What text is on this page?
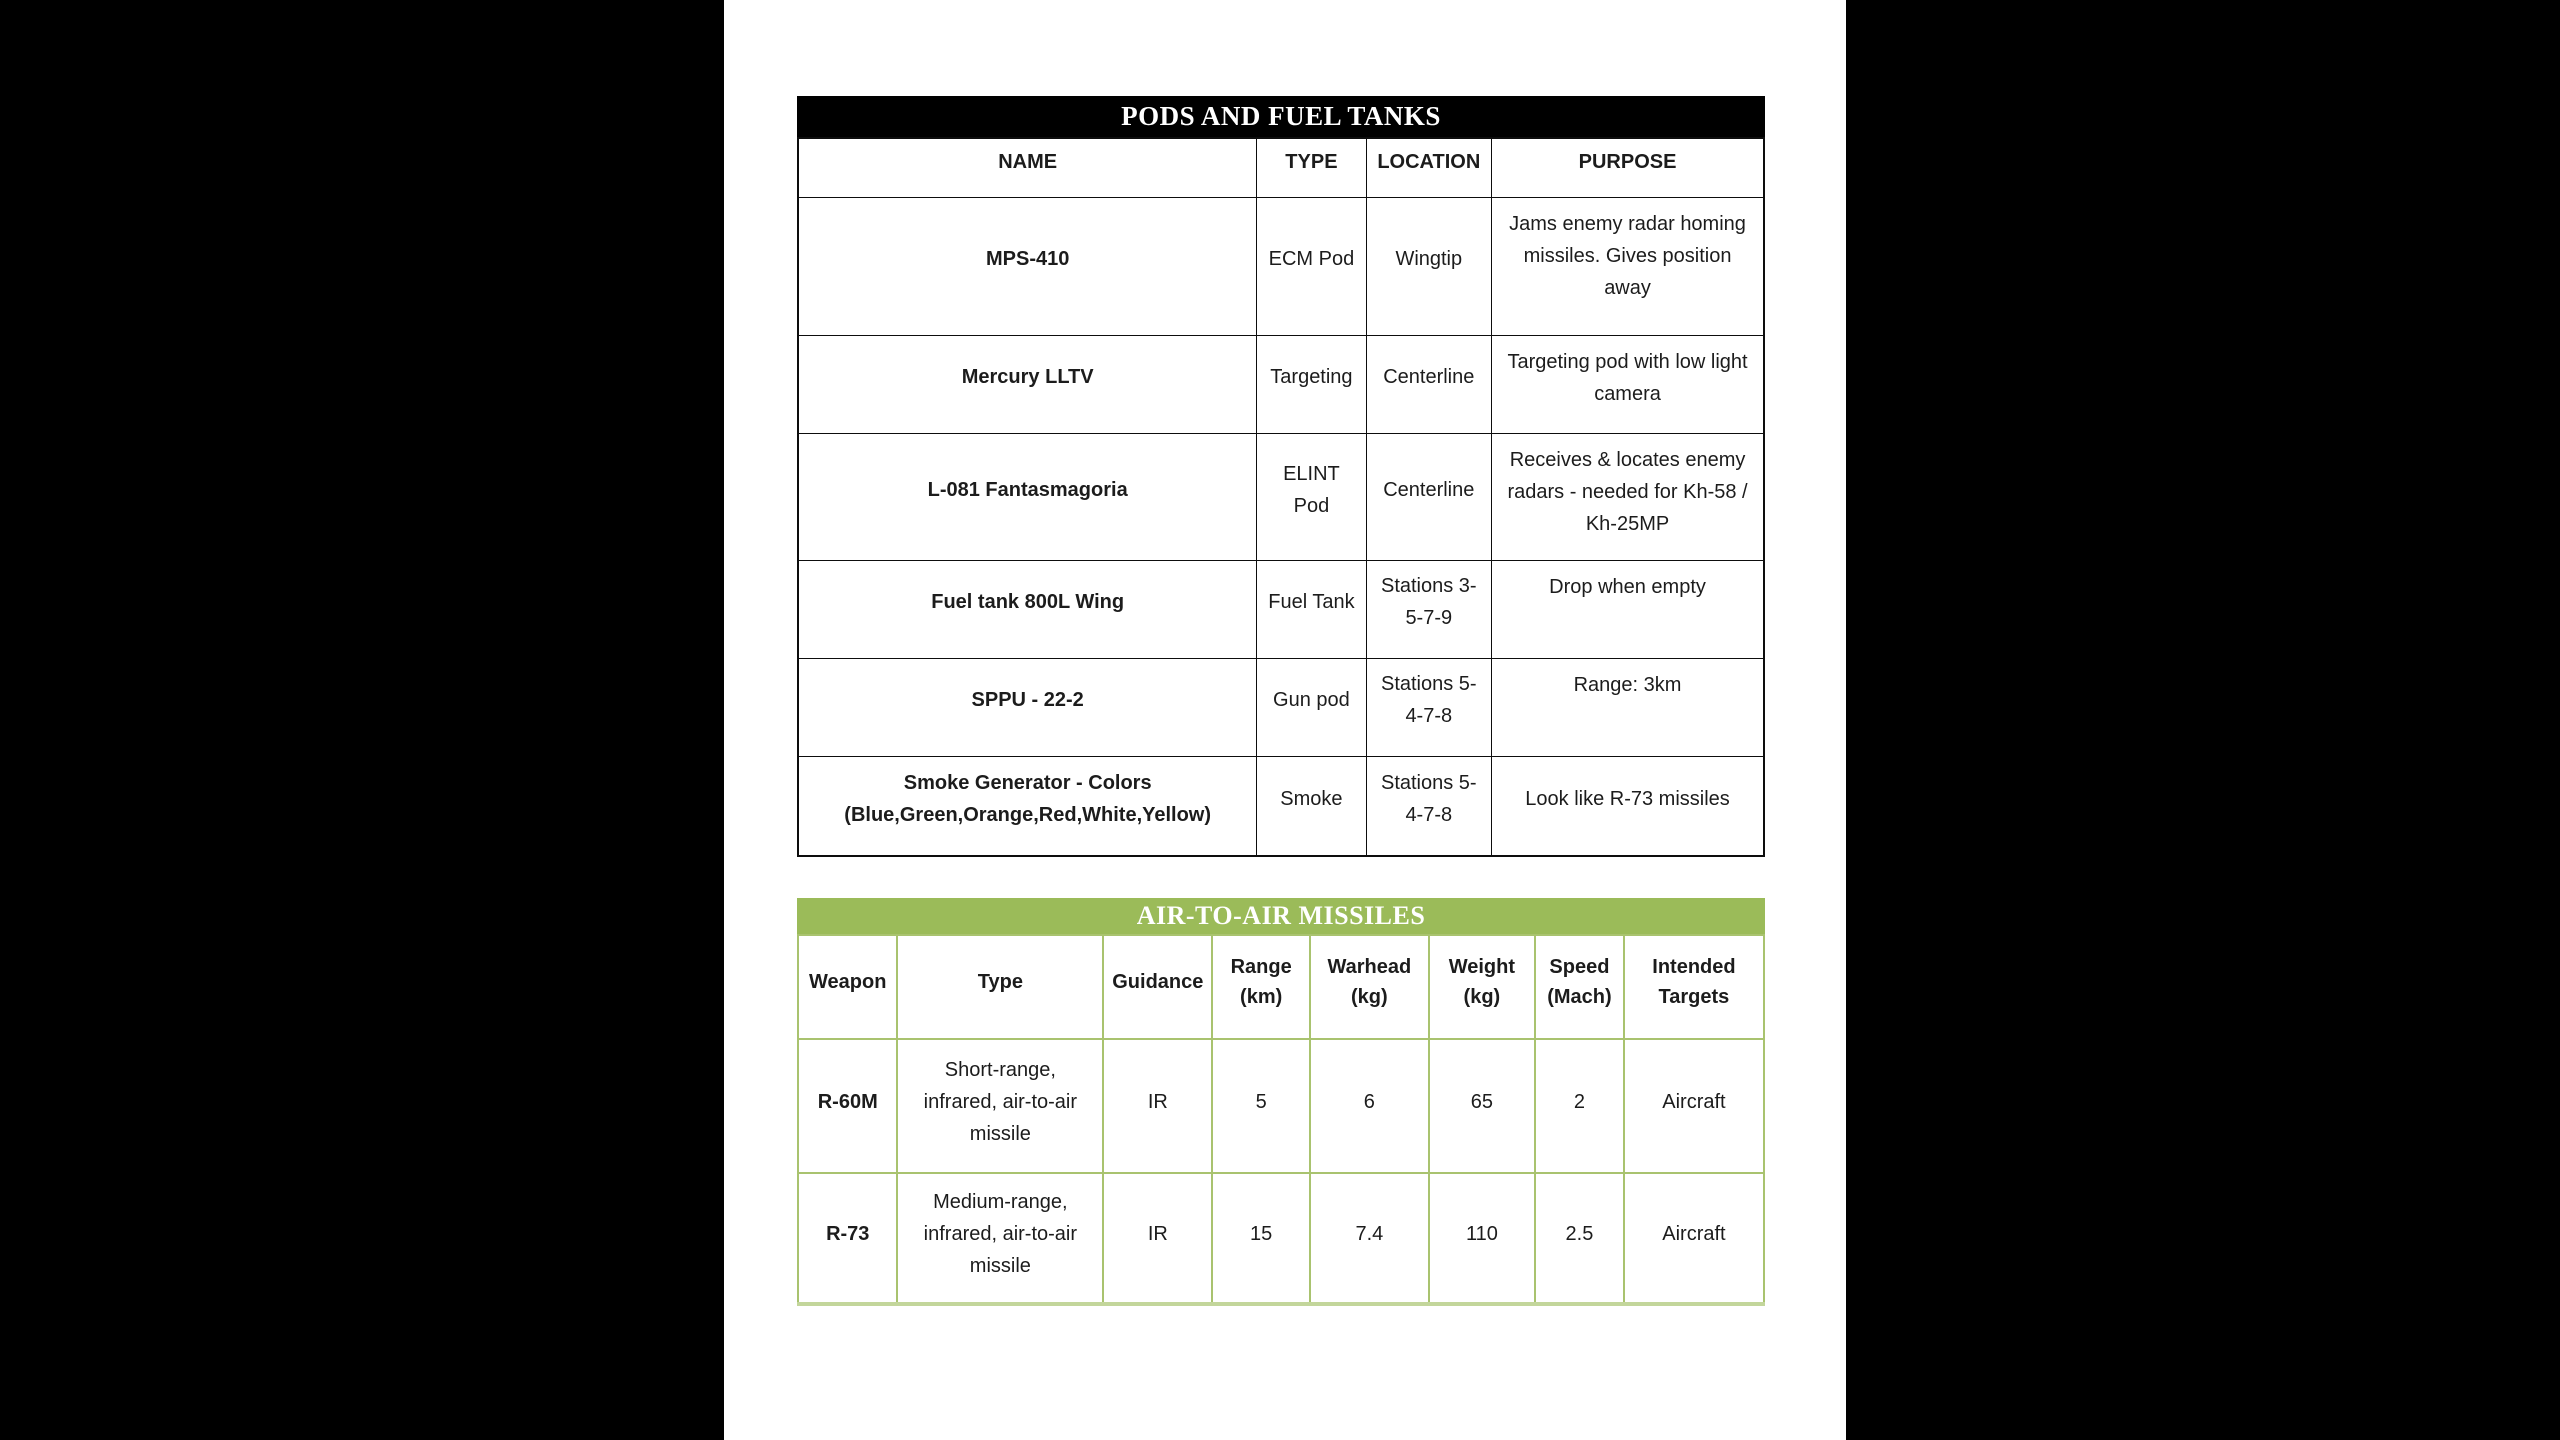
PODS AND FUEL TANKS
NAME	TYPE	LOCATION	PURPOSE
MPS-410	ECM Pod	Wingtip	Jams enemy radar homing missiles. Gives position away
Mercury LLTV	Targeting	Centerline	Targeting pod with low light camera
L-081 Fantasmagoria	ELINT Pod	Centerline	Receives & locates enemy radars - needed for Kh-58 / Kh-25MP
Fuel tank 800L Wing	Fuel Tank	Stations 3-5-7-9	Drop when empty
SPPU - 22-2	Gun pod	Stations 5-4-7-8	Range: 3km
Smoke Generator - Colors (Blue,Green,Orange,Red,White,Yellow)	Smoke	Stations 5-4-7-8	Look like R-73 missiles
AIR-TO-AIR MISSILES
Weapon	Type	Guidance	Range (km)	Warhead (kg)	Weight (kg)	Speed (Mach)	Intended Targets
R-60M	Short-range, infrared, air-to-air missile	IR	5	6	65	2	Aircraft
R-73	Medium-range, infrared, air-to-air missile	IR	15	7.4	110	2.5	Aircraft
